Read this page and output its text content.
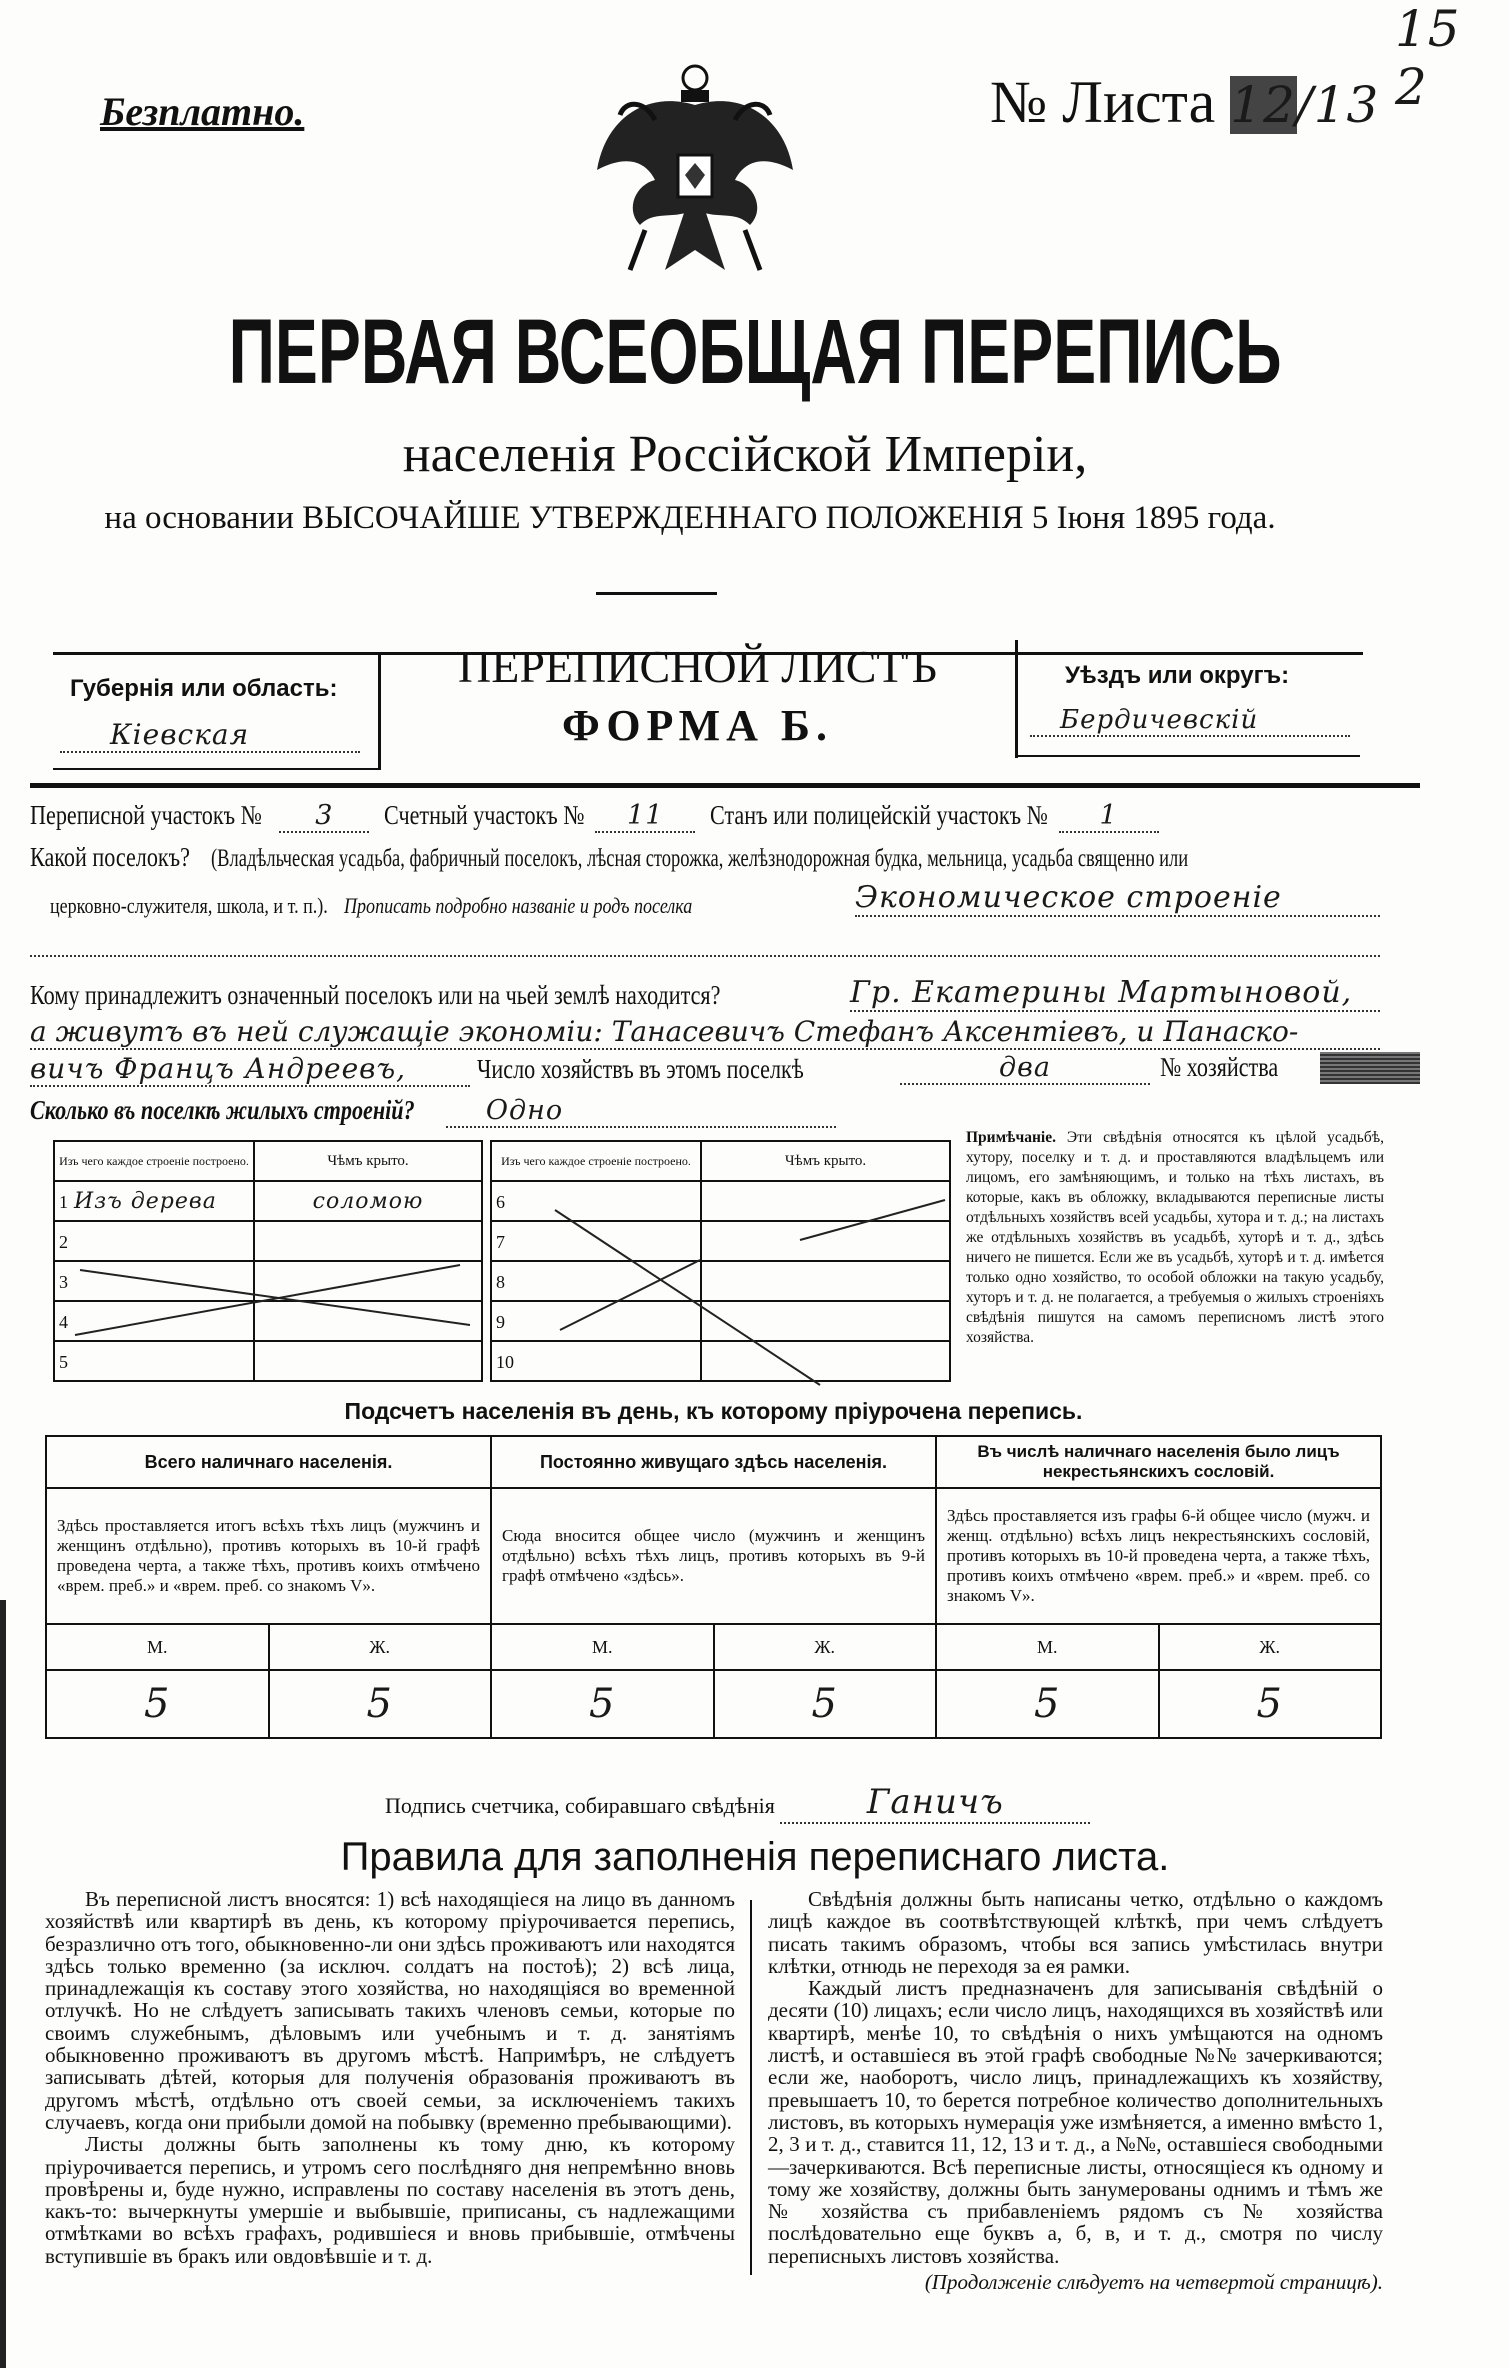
Безплатно.	№ Листа 12/13
15 2
ПЕРВАЯ ВСЕОБЩАЯ ПЕРЕПИСЬ
населенія Россійской Имперіи,
на основании ВЫСОЧАЙШЕ УТВЕРЖДЕННАГО ПОЛОЖЕНІЯ 5 Іюня 1895 года.
Губернія или область:
Кіевская
ПЕРЕПИСНОЙ ЛИСТЪ
ФОРМА Б.
Уѣздъ или округъ:
Бердичевскій
Переписной участокъ № 3 Счетный участокъ № 11 Станъ или полицейскій участокъ № 1
Какой поселокъ? (Владѣльческая усадьба, фабричный поселокъ, лѣсная сторожка, желѣзнодорожная будка, мельница, усадьба священно или
церковно-служителя, школа, и т. п.). Прописать подробно названіе и родъ поселка	Экономическое строеніе
Кому принадлежитъ означенный поселокъ или на чьей землѣ находится?	Гр. Екатерины Мартыновой,
а живутъ въ ней служащіе экономіи: Танасевичъ Стефанъ Аксентіевъ, и Панаско-
вичъ Францъ Андреевъ,	Число хозяйствъ въ этомъ поселкѣ	два	№ хозяйства
Сколько въ поселкѣ жилыхъ строеній?	Одно
Изъ чего каждое строеніе построено.	Чѣмъ крыто.
1 Изъ дерева	соломою
2	
3	
4	
5	
Изъ чего каждое строеніе построено.	Чѣмъ крыто.
6	
7	
8	
9	
10	

Примѣчаніе. Эти свѣдѣнія относятся къ цѣлой усадьбѣ, хутору, поселку и т. д. и проставляются владѣльцемъ или лицомъ, его замѣняющимъ, и только на тѣхъ листахъ, въ которые, какъ въ обложку, вкладываются переписные листы отдѣльныхъ хозяйствъ всей усадьбы, хутора и т. д.; на листахъ же отдѣльныхъ хозяйствъ въ усадьбѣ, хуторѣ и т. д., здѣсь ничего не пишется. Если же въ усадьбѣ, хуторѣ и т. д. имѣется только одно хозяйство, то особой обложки на такую усадьбу, хуторъ и т. д. не полагается, а требуемыя о жилыхъ строеніяхъ свѣдѣнія пишутся на самомъ переписномъ листѣ этого хозяйства.

Подсчетъ населенія въ день, къ которому пріурочена перепись.
Всего наличнаго населенія.		Постоянно живущаго здѣсь населенія.		Въ числѣ наличнаго населенія было лицъ некрестьянскихъ сословій.	
Здѣсь проставляется итогъ всѣхъ тѣхъ лицъ (мужчинъ и женщинъ отдѣльно), противъ которыхъ въ 10-й графѣ проведена черта, а также тѣхъ, противъ коихъ отмѣчено «врем. преб.» и «врем. преб. со знакомъ V».		Сюда вносится общее число (мужчинъ и женщинъ отдѣльно) всѣхъ тѣхъ лицъ, противъ которыхъ въ 9-й графѣ отмѣчено «здѣсь».		Здѣсь проставляется изъ графы 6-й общее число (мужч. и женщ. отдѣльно) всѣхъ лицъ некрестьянскихъ сословій, противъ которыхъ въ 10-й проведена черта, а также тѣхъ, противъ коихъ отмѣчено «врем. преб.» и «врем. преб. со знакомъ V».	
М.	Ж.	М.	Ж.	М.	Ж.
5	5	5	5	5	5
Подпись счетчика, собиравшаго свѣдѣнія	Ганичъ
Правила для заполненія переписнаго листа.

Въ переписной листъ вносятся: 1) всѣ находящіеся на лицо въ данномъ хозяйствѣ или квартирѣ въ день, къ которому пріурочивается перепись, безразлично отъ того, обыкновенно-ли они здѣсь проживаютъ или находятся здѣсь только временно (за исключ. солдатъ на постоѣ); 2) всѣ лица, принадлежащія къ составу этого хозяйства, но находящіяся во временной отлучкѣ. Но не слѣдуетъ записывать такихъ членовъ семьи, которые по своимъ служебнымъ, дѣловымъ или учебнымъ и т. д. занятіямъ обыкновенно проживаютъ въ другомъ мѣстѣ. Напримѣръ, не слѣдуетъ записывать дѣтей, которыя для полученія образованія проживаютъ въ другомъ мѣстѣ, отдѣльно отъ своей семьи, за исключеніемъ такихъ случаевъ, когда они прибыли домой на побывку (временно пребывающими).

Листы должны быть заполнены къ тому дню, къ которому пріурочивается перепись, и утромъ сего послѣдняго дня непремѣнно вновь провѣрены и, буде нужно, исправлены по составу населенія въ этотъ день, какъ-то: вычеркнуты умершіе и выбывшіе, приписаны, съ надлежащими отмѣтками во всѣхъ графахъ, родившіеся и вновь прибывшіе, отмѣчены вступившіе въ бракъ или овдовѣвшіе и т. д.

Свѣдѣнія должны быть написаны четко, отдѣльно о каждомъ лицѣ каждое въ соотвѣтствующей клѣткѣ, при чемъ слѣдуетъ писать такимъ образомъ, чтобы вся запись умѣстилась внутри клѣтки, отнюдь не переходя за ея рамки.

Каждый листъ предназначенъ для записыванія свѣдѣній о десяти (10) лицахъ; если число лицъ, находящихся въ хозяйствѣ или квартирѣ, менѣе 10, то свѣдѣнія о нихъ умѣщаются на одномъ листѣ, и оставшіеся въ этой графѣ свободные №№ зачеркиваются; если же, наоборотъ, число лицъ, принадлежащихъ къ хозяйству, превышаетъ 10, то берется потребное количество дополнительныхъ листовъ, въ которыхъ нумерація уже измѣняется, а именно вмѣсто 1, 2, 3 и т. д., ставится 11, 12, 13 и т. д., а №№, оставшіеся свободными—зачеркиваются. Всѣ переписные листы, относящіеся къ одному и тому же хозяйству, должны быть занумерованы однимъ и тѣмъ же № хозяйства съ прибавленіемъ рядомъ съ № хозяйства послѣдовательно еще буквъ а, б, в, и т. д., смотря по числу переписныхъ листовъ хозяйства.

(Продолженіе слѣдуетъ на четвертой страницѣ).
